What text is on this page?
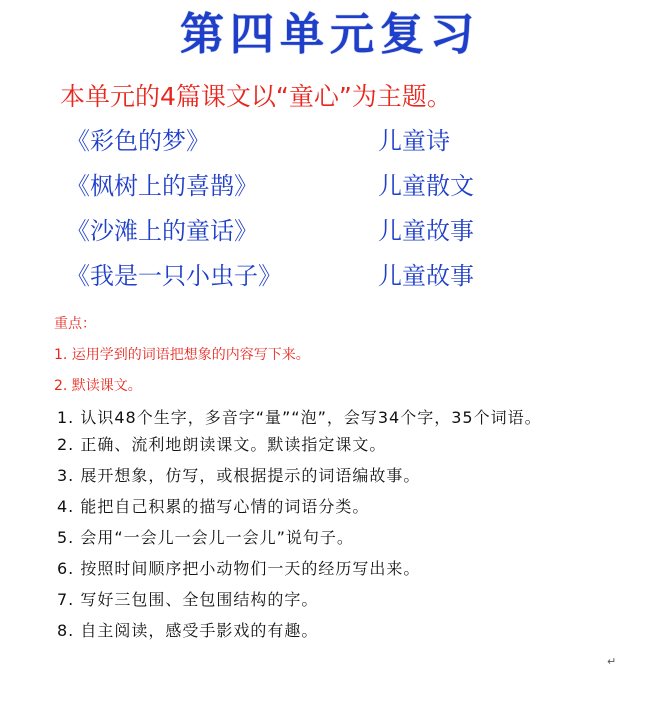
第四单元复习
本单元的4篇课文以“童心”为主题。
《彩色的梦》	儿童诗
《枫树上的喜鹊》	儿童散文
《沙滩上的童话》	儿童故事
《我是一只小虫子》	儿童故事
重点：
1. 运用学到的词语把想象的内容写下来。
2. 默读课文。
1. 认识48个生字，多音字“量”“泡”，会写34个字，35个词语。
2. 正确、流利地朗读课文。默读指定课文。
3. 展开想象，仿写，或根据提示的词语编故事。
4. 能把自己积累的描写心情的词语分类。
5. 会用“一会儿一会儿一会儿”说句子。
6. 按照时间顺序把小动物们一天的经历写出来。
7. 写好三包围、全包围结构的字。
8. 自主阅读，感受手影戏的有趣。
↵
